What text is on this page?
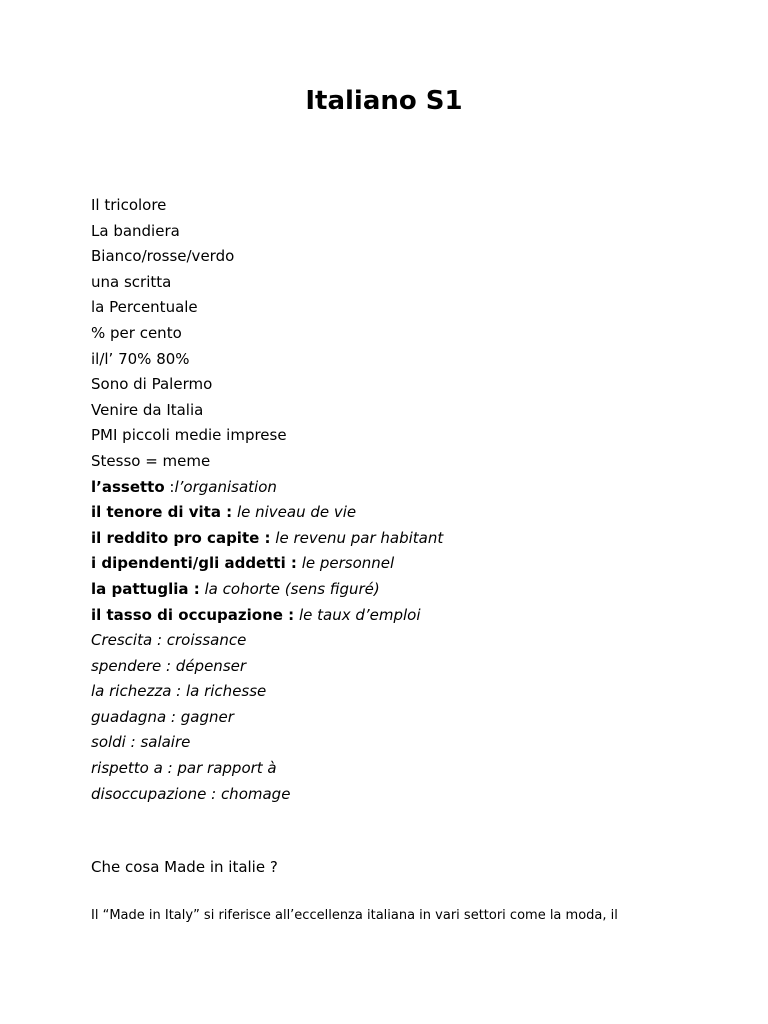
Italiano S1
Il tricolore
La bandiera
Bianco/rosse/verdo
una scritta
la Percentuale
% per cento
il/l’ 70% 80%
Sono di Palermo
Venire da Italia
PMI piccoli medie imprese
Stesso = meme
l’assetto :l’organisation
il tenore di vita : le niveau de vie
il reddito pro capite : le revenu par habitant
i dipendenti/gli addetti : le personnel
la pattuglia : la cohorte (sens figuré)
il tasso di occupazione : le taux d’emploi
Crescita : croissance
spendere : dépenser
la richezza : la richesse
guadagna : gagner
soldi : salaire
rispetto a : par rapport à
disoccupazione : chomage

Che cosa Made in italie ?

Il “Made in Italy” si riferisce all’eccellenza italiana in vari settori come la moda, il
